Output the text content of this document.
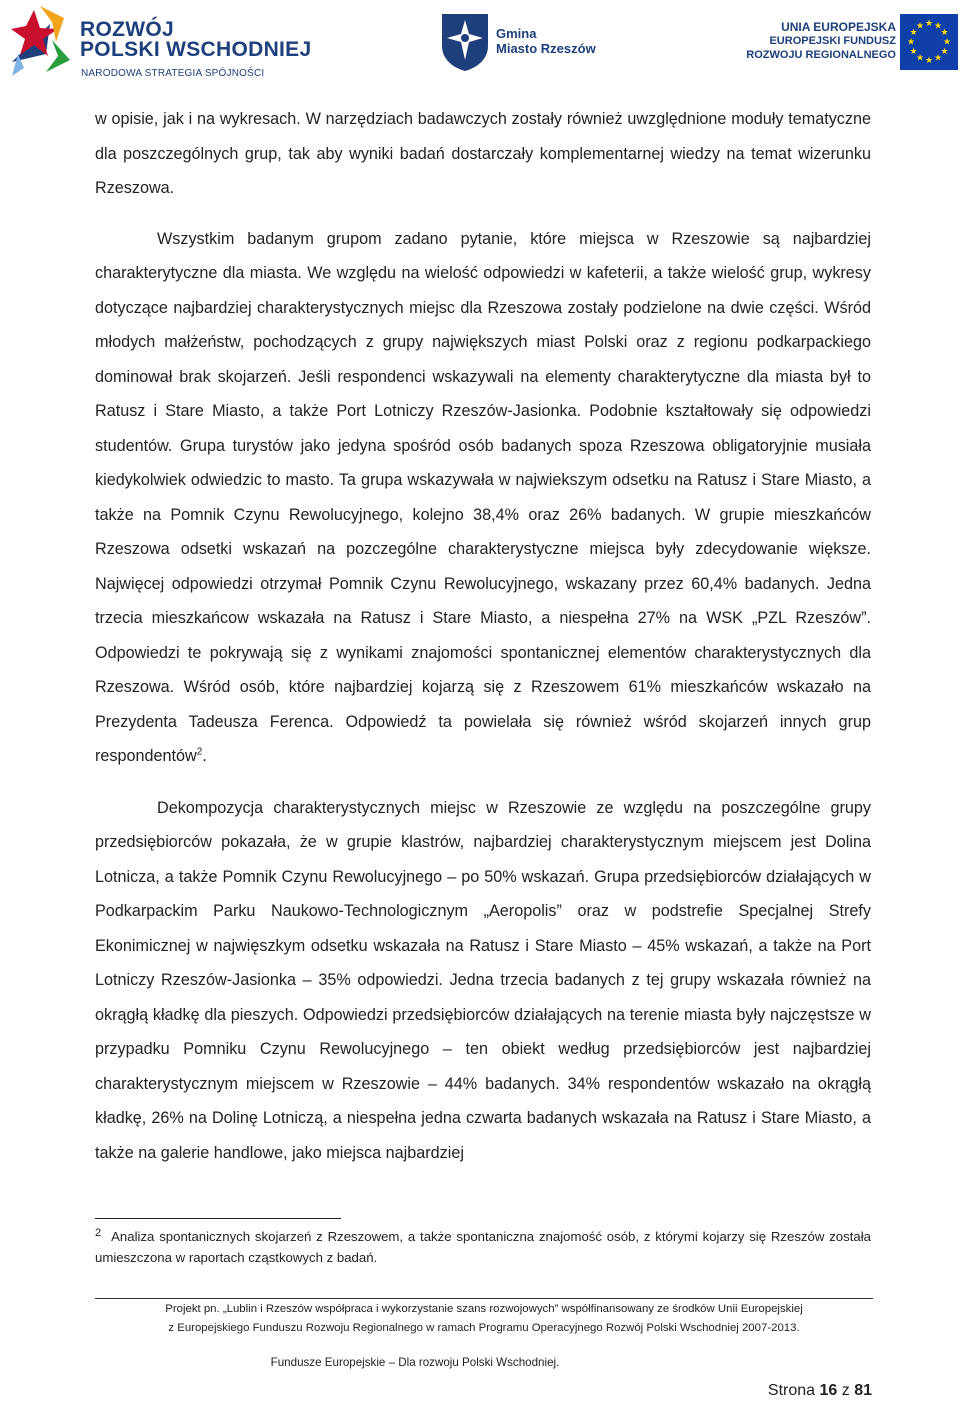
ROZWÓJ
POLSKI WSCHODNIEJ
NARODOWA STRATEGIA SPÓJNOŚCI
Gmina
Miasto Rzeszów
UNIA EUROPEJSKA
EUROPEJSKI FUNDUSZ
ROZWOJU REGIONALNEGO
★ ★
★
★
★
★
★
★
★
★
★
★

w opisie, jak i na wykresach. W narzędziach badawczych zostały również uwzględnione moduły tematyczne dla poszczególnych grup, tak aby wyniki badań dostarczały komplementarnej wiedzy na temat wizerunku Rzeszowa.

Wszystkim badanym grupom zadano pytanie, które miejsca w Rzeszowie są najbardziej charakterytyczne dla miasta. We względu na wielość odpowiedzi w kafeterii, a także wielość grup, wykresy dotyczące najbardziej charakterystycznych miejsc dla Rzeszowa zostały podzielone na dwie części. Wśród młodych małżeństw, pochodzących z grupy największych miast Polski oraz z regionu podkarpackiego dominował brak skojarzeń. Jeśli respondenci wskazywali na elementy charakterytyczne dla miasta był to Ratusz i Stare Miasto, a także Port Lotniczy Rzeszów-Jasionka. Podobnie kształtowały się odpowiedzi studentów. Grupa turystów jako jedyna spośród osób badanych spoza Rzeszowa obligatoryjnie musiała kiedykolwiek odwiedzic to masto. Ta grupa wskazywała w najwiekszym odsetku na Ratusz i Stare Miasto, a także na Pomnik Czynu Rewolucyjnego, kolejno 38,4% oraz 26% badanych. W grupie mieszkańców Rzeszowa odsetki wskazań na pozczególne charakterystyczne miejsca były zdecydowanie większe. Najwięcej odpowiedzi otrzymał Pomnik Czynu Rewolucyjnego, wskazany przez 60,4% badanych. Jedna trzecia mieszkańcow wskazała na Ratusz i Stare Miasto, a niespełna 27% na WSK „PZL Rzeszów”. Odpowiedzi te pokrywają się z wynikami znajomości spontanicznej elementów charakterystycznych dla Rzeszowa. Wśród osób, które najbardziej kojarzą się z Rzeszowem 61% mieszkańców wskazało na Prezydenta Tadeusza Ferenca. Odpowiedź ta powielała się również wśród skojarzeń innych grup respondentów$^2$.

Dekompozycja charakterystycznych miejsc w Rzeszowie ze względu na poszczególne grupy przedsiębiorców pokazała, że w grupie klastrów, najbardziej charakterystycznym miejscem jest Dolina Lotnicza, a także Pomnik Czynu Rewolucyjnego – po 50% wskazań. Grupa przedsiębiorców działających w Podkarpackim Parku Naukowo-Technologicznym „Aeropolis” oraz w podstrefie Specjalnej Strefy Ekonimicznej w najwięszkym odsetku wskazała na Ratusz i Stare Miasto – 45% wskazań, a także na Port Lotniczy Rzeszów-Jasionka – 35% odpowiedzi. Jedna trzecia badanych z tej grupy wskazała również na okrągłą kładkę dla pieszych. Odpowiedzi przedsiębiorców działających na terenie miasta były najczęstsze w przypadku Pomniku Czynu Rewolucyjnego – ten obiekt według przedsiębiorców jest najbardziej charakterystycznym miejscem w Rzeszowie – 44% badanych. 34% respondentów wskazało na okrągłą kładkę, 26% na Dolinę Lotniczą, a niespełna jedna czwarta badanych wskazała na Ratusz i Stare Miasto, a także na galerie handlowe, jako miejsca najbardziej

$^2$ Analiza spontanicznych skojarzeń z Rzeszowem, a także spontaniczna znajomość osób, z którymi kojarzy się Rzeszów została umieszczona w raportach cząstkowych z badań.
Projekt pn. „Lublin i Rzeszów współpraca i wykorzystanie szans rozwojowych” współfinansowany ze środków Unii Europejskiej
z Europejskiego Funduszu Rozwoju Regionalnego w ramach Programu Operacyjnego Rozwój Polski Wschodniej 2007-2013.
Fundusze Europejskie – Dla rozwoju Polski Wschodniej.
Strona 16 z 81
